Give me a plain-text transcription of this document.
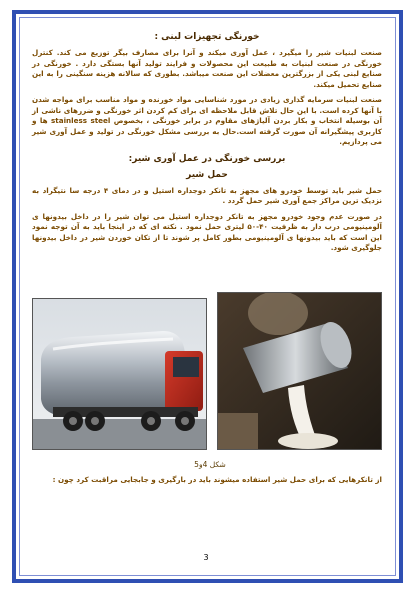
خورنگی تجهیزات لبنی :
صنعت لبنیات شیر را میگیرد ، عمل آوری میکند و آنرا برای مصارف بیگر توزیع می کند. کنترل خورنگی در صنعت لبنیات به طبیعت این محصولات و فرایند تولید آنها بستگی دارد . خورنگی در صنایع لبنی یکی از بزرگترین معضلات این صنعت میباشد. بطوری که سالانه هزینه سنگینی را به این صنایع تحمیل میکند.
صنعت لبنیات سرمایه گذاری زیادی در مورد شناسایی مواد خورنده و مواد مناسب برای مواجه شدن با آنها کرده است. با این حال تلاش قابل ملاحظه ای برای کم کردن اثر خورنگی و ضررهای ناشی از آن بوسیله انتخاب و بکار بردن آلیاژهای مقاوم در برابر خورنگی ، بخصوص stainless steel ها و کاربری پیشگیرانه آن صورت گرفته است.حال به بررسی مشکل خورنگی در تولید و عمل آوری شیر می پردازیم.
بررسی خورنگی در عمل آوری شیر:
حمل شیر
حمل شیر باید توسط خودرو های مجهز به تانکر دوجداره استیل و در دمای ۴ درجه سا نتیگراد به نزدیک ترین مراکز جمع آوری شیر حمل گردد .
در صورت عدم وجود خودرو مجهز به تانکر دوجداره استیل می توان شیر را در داخل بیدونها ی آلومینیومی درب دار به ظرفیت ۴۰-۵۰ لیتری حمل نمود . نکته ای که در اینجا باید به آن توجه نمود این است که باید بیدونها ی آلومینیومی بطور کامل پر شوند تا از تکان خوردن شیر در داخل بیدونها جلوگیری شود.
شکل 4و5
از تانکرهایی که برای حمل شیر استفاده میشوند باید در بارگیری و جابجایی مراقبت کرد چون :
3
